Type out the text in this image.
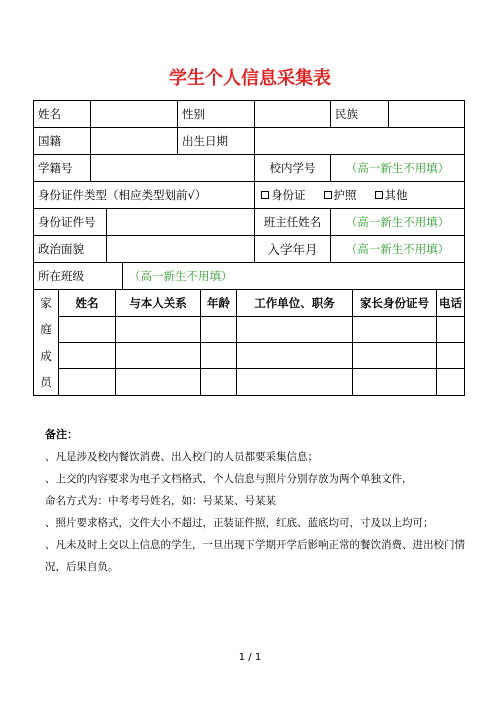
学生个人信息采集表
姓名	性别	民族
国籍	出生日期
学籍号	校内学号	（高一新生不用填）
身份证件类型（相应类型划前√）	身份证	护照	其他
身份证件号	班主任姓名	（高一新生不用填）
政治面貌	入学年月	（高一新生不用填）
所在班级	（高一新生不用填）
家
庭
成
员
姓名	与本人关系	年龄	工作单位、职务	家长身份证号 电话
备注：
、凡是涉及校内餐饮消费、出入校门的人员都要采集信息；
、上交的内容要求为电子文档格式，个人信息与照片分别存放为两个单独文件，
命名方式为：中考考号姓名，如：号某某、号某某
、照片要求格式，文件大小不超过，正装证件照，红底、蓝底均可，寸及以上均可；
、凡未及时上交以上信息的学生，一旦出现下学期开学后影响正常的餐饮消费、进出校门情
况，后果自负。
1 / 1
